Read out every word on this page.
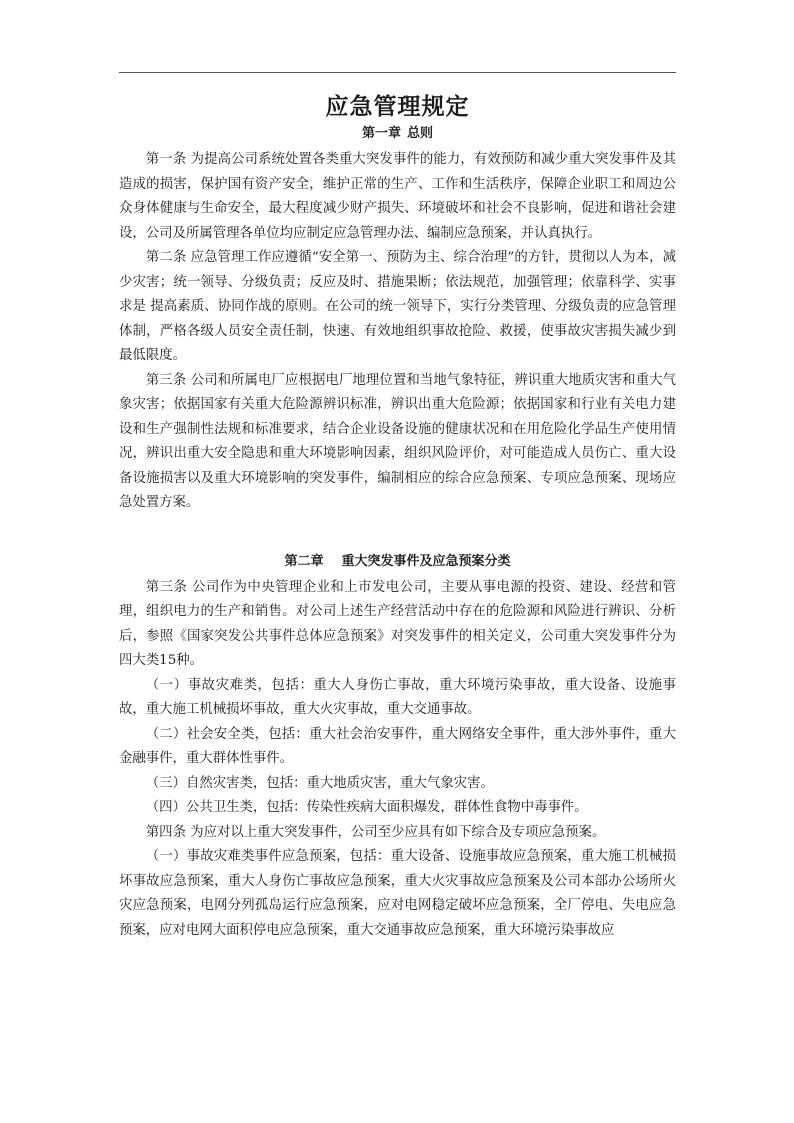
应急管理规定
第一章 总则

第一条 为提高公司系统处置各类重大突发事件的能力，有效预防和减少重大突发事件及其造成的损害，保护国有资产安全，维护正常的生产、工作和生活秩序，保障企业职工和周边公众身体健康与生命安全，最大程度减少财产损失、环境破坏和社会不良影响，促进和谐社会建设，公司及所属管理各单位均应制定应急管理办法、编制应急预案，并认真执行。

第二条 应急管理工作应遵循“安全第一、预防为主、综合治理”的方针，贯彻以人为本，减少灾害；统一领导、分级负责；反应及时、措施果断；依法规范，加强管理；依靠科学、实事求是 提高素质、协同作战的原则。在公司的统一领导下，实行分类管理、分级负责的应急管理体制，严格各级人员安全责任制，快速、有效地组织事故抢险、救援，使事故灾害损失减少到最低限度。

第三条 公司和所属电厂应根据电厂地理位置和当地气象特征，辨识重大地质灾害和重大气象灾害；依据国家有关重大危险源辨识标准，辨识出重大危险源；依据国家和行业有关电力建设和生产强制性法规和标准要求，结合企业设备设施的健康状况和在用危险化学品生产使用情况，辨识出重大安全隐患和重大环境影响因素，组织风险评价，对可能造成人员伤亡、重大设备设施损害以及重大环境影响的突发事件，编制相应的综合应急预案、专项应急预案、现场应急处置方案。

第二章 重大突发事件及应急预案分类

第三条 公司作为中央管理企业和上市发电公司，主要从事电源的投资、建设、经营和管理，组织电力的生产和销售。对公司上述生产经营活动中存在的危险源和风险进行辨识、分析后，参照《国家突发公共事件总体应急预案》对突发事件的相关定义，公司重大突发事件分为四大类15种。

（一）事故灾难类，包括：重大人身伤亡事故，重大环境污染事故，重大设备、设施事故，重大施工机械损坏事故，重大火灾事故，重大交通事故。

（二）社会安全类，包括：重大社会治安事件，重大网络安全事件，重大涉外事件，重大金融事件，重大群体性事件。

（三）自然灾害类，包括：重大地质灾害，重大气象灾害。

（四）公共卫生类，包括：传染性疾病大面积爆发，群体性食物中毒事件。

第四条 为应对以上重大突发事件，公司至少应具有如下综合及专项应急预案。

（一）事故灾难类事件应急预案，包括：重大设备、设施事故应急预案，重大施工机械损坏事故应急预案，重大人身伤亡事故应急预案，重大火灾事故应急预案及公司本部办公场所火灾应急预案，电网分列孤岛运行应急预案，应对电网稳定破坏应急预案，全厂停电、失电应急预案，应对电网大面积停电应急预案，重大交通事故应急预案，重大环境污染事故应
